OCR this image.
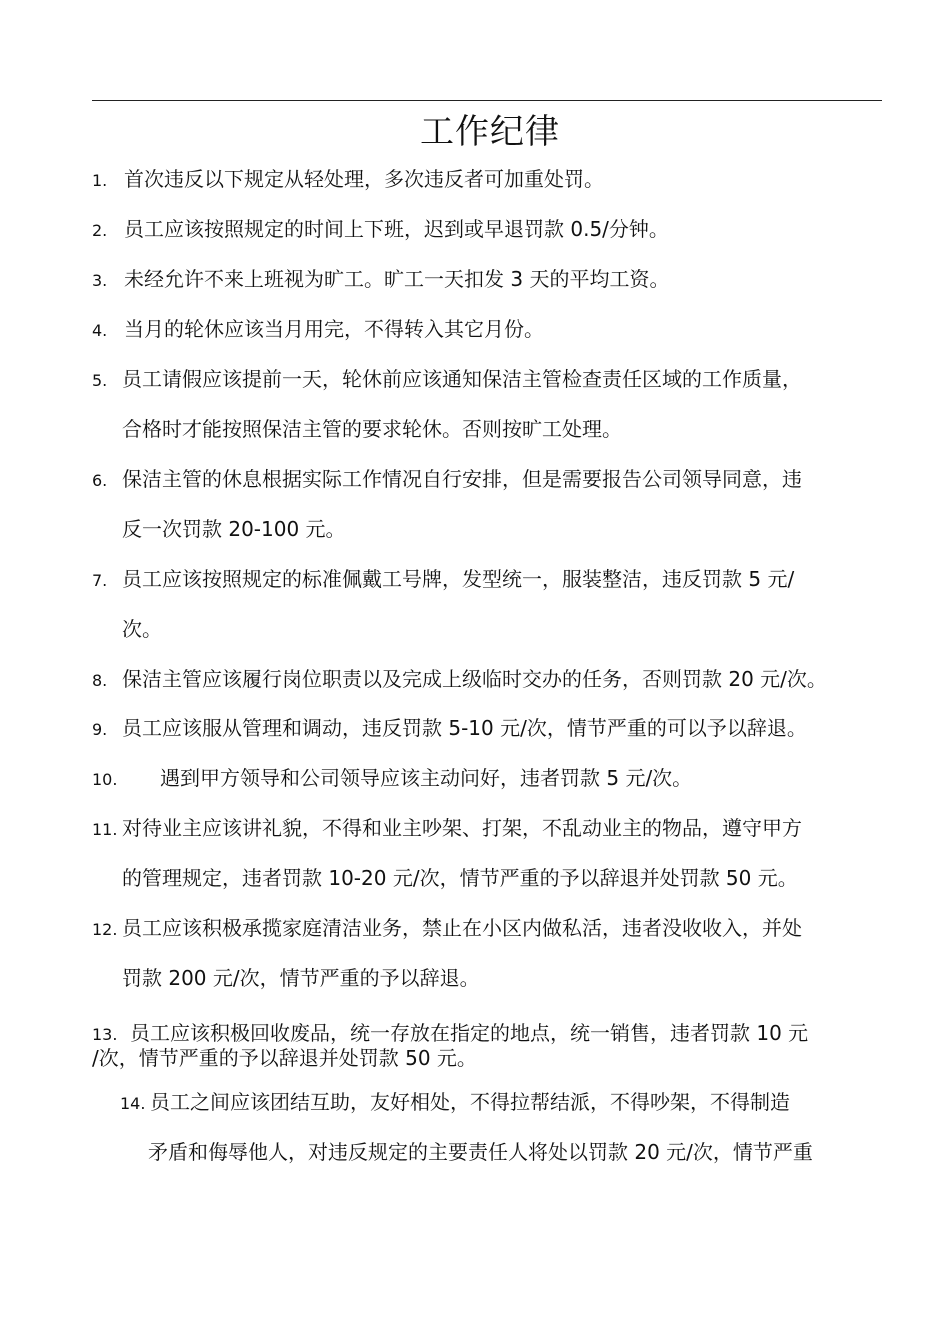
工作纪律
1. 首次违反以下规定从轻处理，多次违反者可加重处罚。
2. 员工应该按照规定的时间上下班，迟到或早退罚款 0.5/分钟。
3. 未经允许不来上班视为旷工。旷工一天扣发 3 天的平均工资。
4. 当月的轮休应该当月用完，不得转入其它月份。
5. 员工请假应该提前一天，轮休前应该通知保洁主管检查责任区域的工作质量，
合格时才能按照保洁主管的要求轮休。否则按旷工处理。
6. 保洁主管的休息根据实际工作情况自行安排，但是需要报告公司领导同意，违
反一次罚款 20-100 元。
7. 员工应该按照规定的标准佩戴工号牌，发型统一，服装整洁，违反罚款 5 元/
次。
8. 保洁主管应该履行岗位职责以及完成上级临时交办的任务，否则罚款 20 元/次。
9. 员工应该服从管理和调动，违反罚款 5-10 元/次，情节严重的可以予以辞退。
10. 遇到甲方领导和公司领导应该主动问好，违者罚款 5 元/次。
11. 对待业主应该讲礼貌，不得和业主吵架、打架，不乱动业主的物品，遵守甲方
的管理规定，违者罚款 10-20 元/次，情节严重的予以辞退并处罚款 50 元。
12. 员工应该积极承揽家庭清洁业务，禁止在小区内做私活，违者没收收入，并处
罚款 200 元/次，情节严重的予以辞退。
13. 员工应该积极回收废品，统一存放在指定的地点，统一销售，违者罚款 10 元
/次，情节严重的予以辞退并处罚款 50 元。
14. 员工之间应该团结互助，友好相处，不得拉帮结派，不得吵架，不得制造
矛盾和侮辱他人，对违反规定的主要责任人将处以罚款 20 元/次，情节严重
